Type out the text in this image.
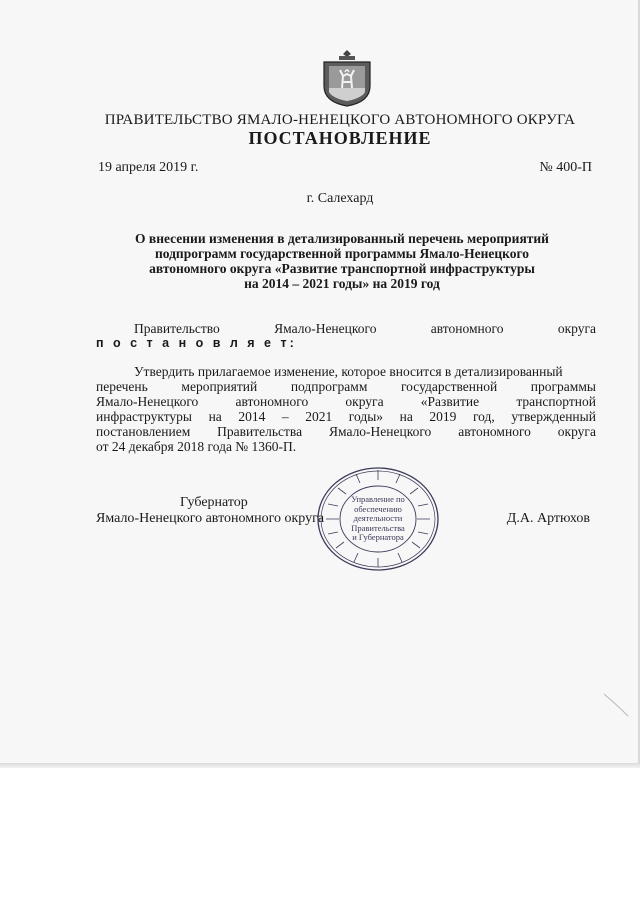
ПРАВИТЕЛЬСТВО ЯМАЛО-НЕНЕЦКОГО АВТОНОМНОГО ОКРУГА
ПОСТАНОВЛЕНИЕ
19 апреля 2019 г.	№ 400-П
г. Салехард
О внесении изменения в детализированный перечень мероприятий
подпрограмм государственной программы Ямало-Ненецкого
автономного округа «Развитие транспортной инфраструктуры
на 2014 – 2021 годы» на 2019 год
Правительство	Ямало-Ненецкого	автономного	округа
п о с т а н о в л я е т:
Утвердить прилагаемое изменение, которое вносится в детализированный
перечень мероприятий подпрограмм государственной программы
Ямало-Ненецкого	автономного	округа	«Развитие	транспортной
инфраструктуры на 2014 – 2021 годы» на 2019 год, утвержденный
постановлением Правительства Ямало-Ненецкого автономного округа
от 24 декабря 2018 года № 1360-П.
Губернатор
Ямало-Ненецкого автономного округа	Д.А. Артюхов
Управление по
обеспечению
деятельности
Правительства
и Губернатора
